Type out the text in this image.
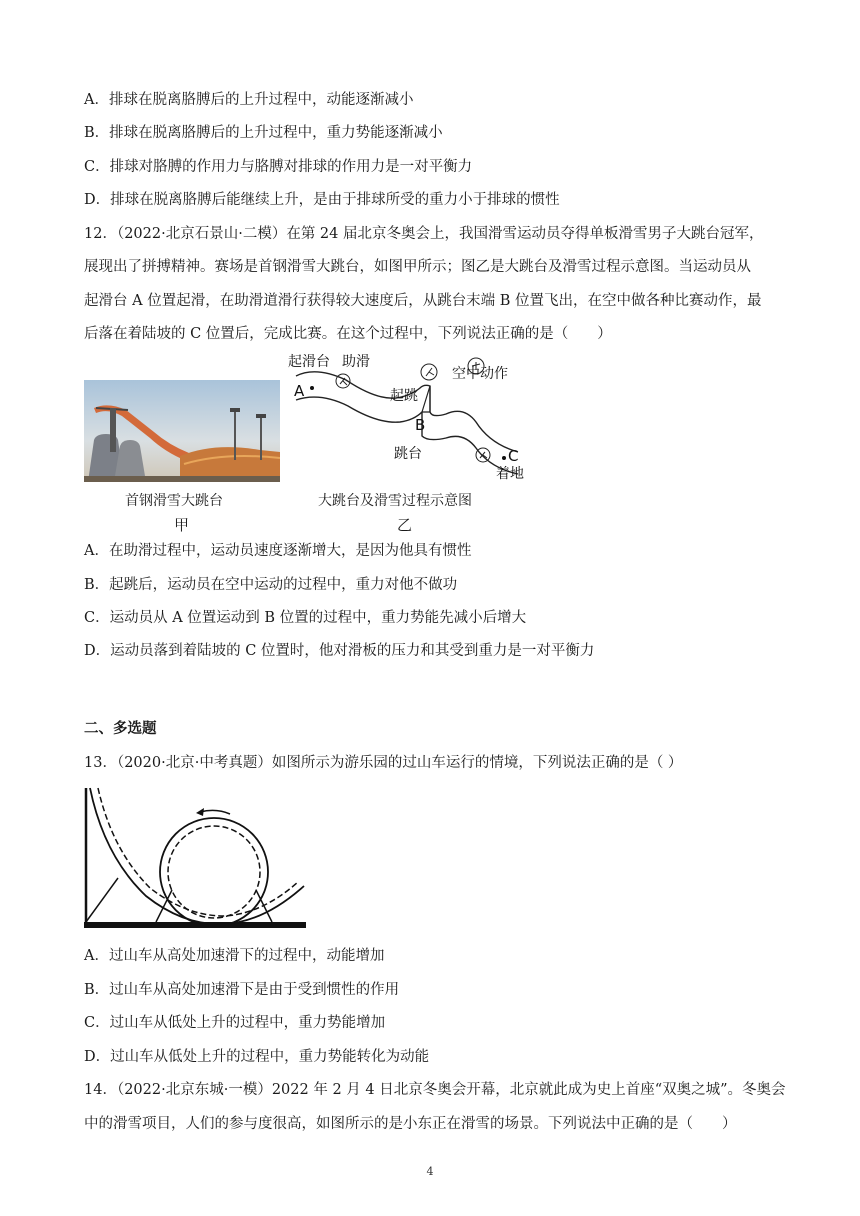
A．排球在脱离胳膊后的上升过程中，动能逐渐减小
B．排球在脱离胳膊后的上升过程中，重力势能逐渐减小
C．排球对胳膊的作用力与胳膊对排球的作用力是一对平衡力
D．排球在脱离胳膊后能继续上升，是由于排球所受的重力小于排球的惯性
12．（2022·北京石景山·二模）在第 24 届北京冬奥会上，我国滑雪运动员夺得单板滑雪男子大跳台冠军，
展现出了拼搏精神。赛场是首钢滑雪大跳台，如图甲所示；图乙是大跳台及滑雪过程示意图。当运动员从
起滑台 A 位置起滑，在助滑道滑行获得较大速度后，从跳台末端 B 位置飞出，在空中做各种比赛动作，最
后落在着陆坡的 C 位置后，完成比赛。在这个过程中，下列说法正确的是（　　）
首钢滑雪大跳台
甲
起滑台 助滑
起跳
空中动作
跳台
着地
A
B
C
大跳台及滑雪过程示意图
乙
A．在助滑过程中，运动员速度逐渐增大，是因为他具有惯性
B．起跳后，运动员在空中运动的过程中，重力对他不做功
C．运动员从 A 位置运动到 B 位置的过程中，重力势能先减小后增大
D．运动员落到着陆坡的 C 位置时，他对滑板的压力和其受到重力是一对平衡力
二、多选题
13．（2020·北京·中考真题）如图所示为游乐园的过山车运行的情境，下列说法正确的是（ ）
A．过山车从高处加速滑下的过程中，动能增加
B．过山车从高处加速滑下是由于受到惯性的作用
C．过山车从低处上升的过程中，重力势能增加
D．过山车从低处上升的过程中，重力势能转化为动能
14．（2022·北京东城·一模）2022 年 2 月 4 日北京冬奥会开幕，北京就此成为史上首座“双奥之城”。冬奥会
中的滑雪项目，人们的参与度很高，如图所示的是小东正在滑雪的场景。下列说法中正确的是（　　）
4
